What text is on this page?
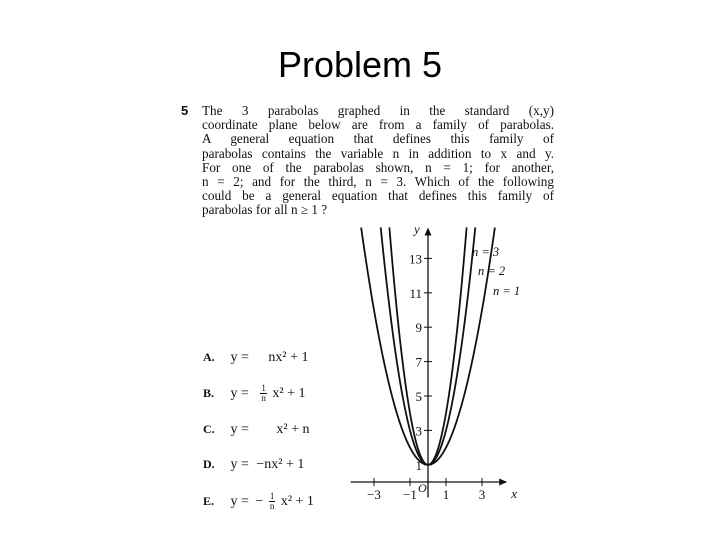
Problem 5
5	The 3 parabolas graphed in the standard (x,y)
coordinate plane below are from a family of parabolas.
A general equation that defines this family of
parabolas contains the variable n in addition to x and y.
For one of the parabolas shown, n = 1; for another,
n = 2; and for the third, n = 3. Which of the following
could be a general equation that defines this family of
parabolas for all n ≥ 1 ?
A. y = nx² + 1
B. $y = \frac{1}{n} x^2 + 1$
C. y = x² + n
D. y = −nx² + 1
E. y = − $\frac{1}{n} x^2 + 1$	−3 −1 1 3
1
3
5
7
9
11
13
x
y
O
n = 3
n = 2
n = 1
